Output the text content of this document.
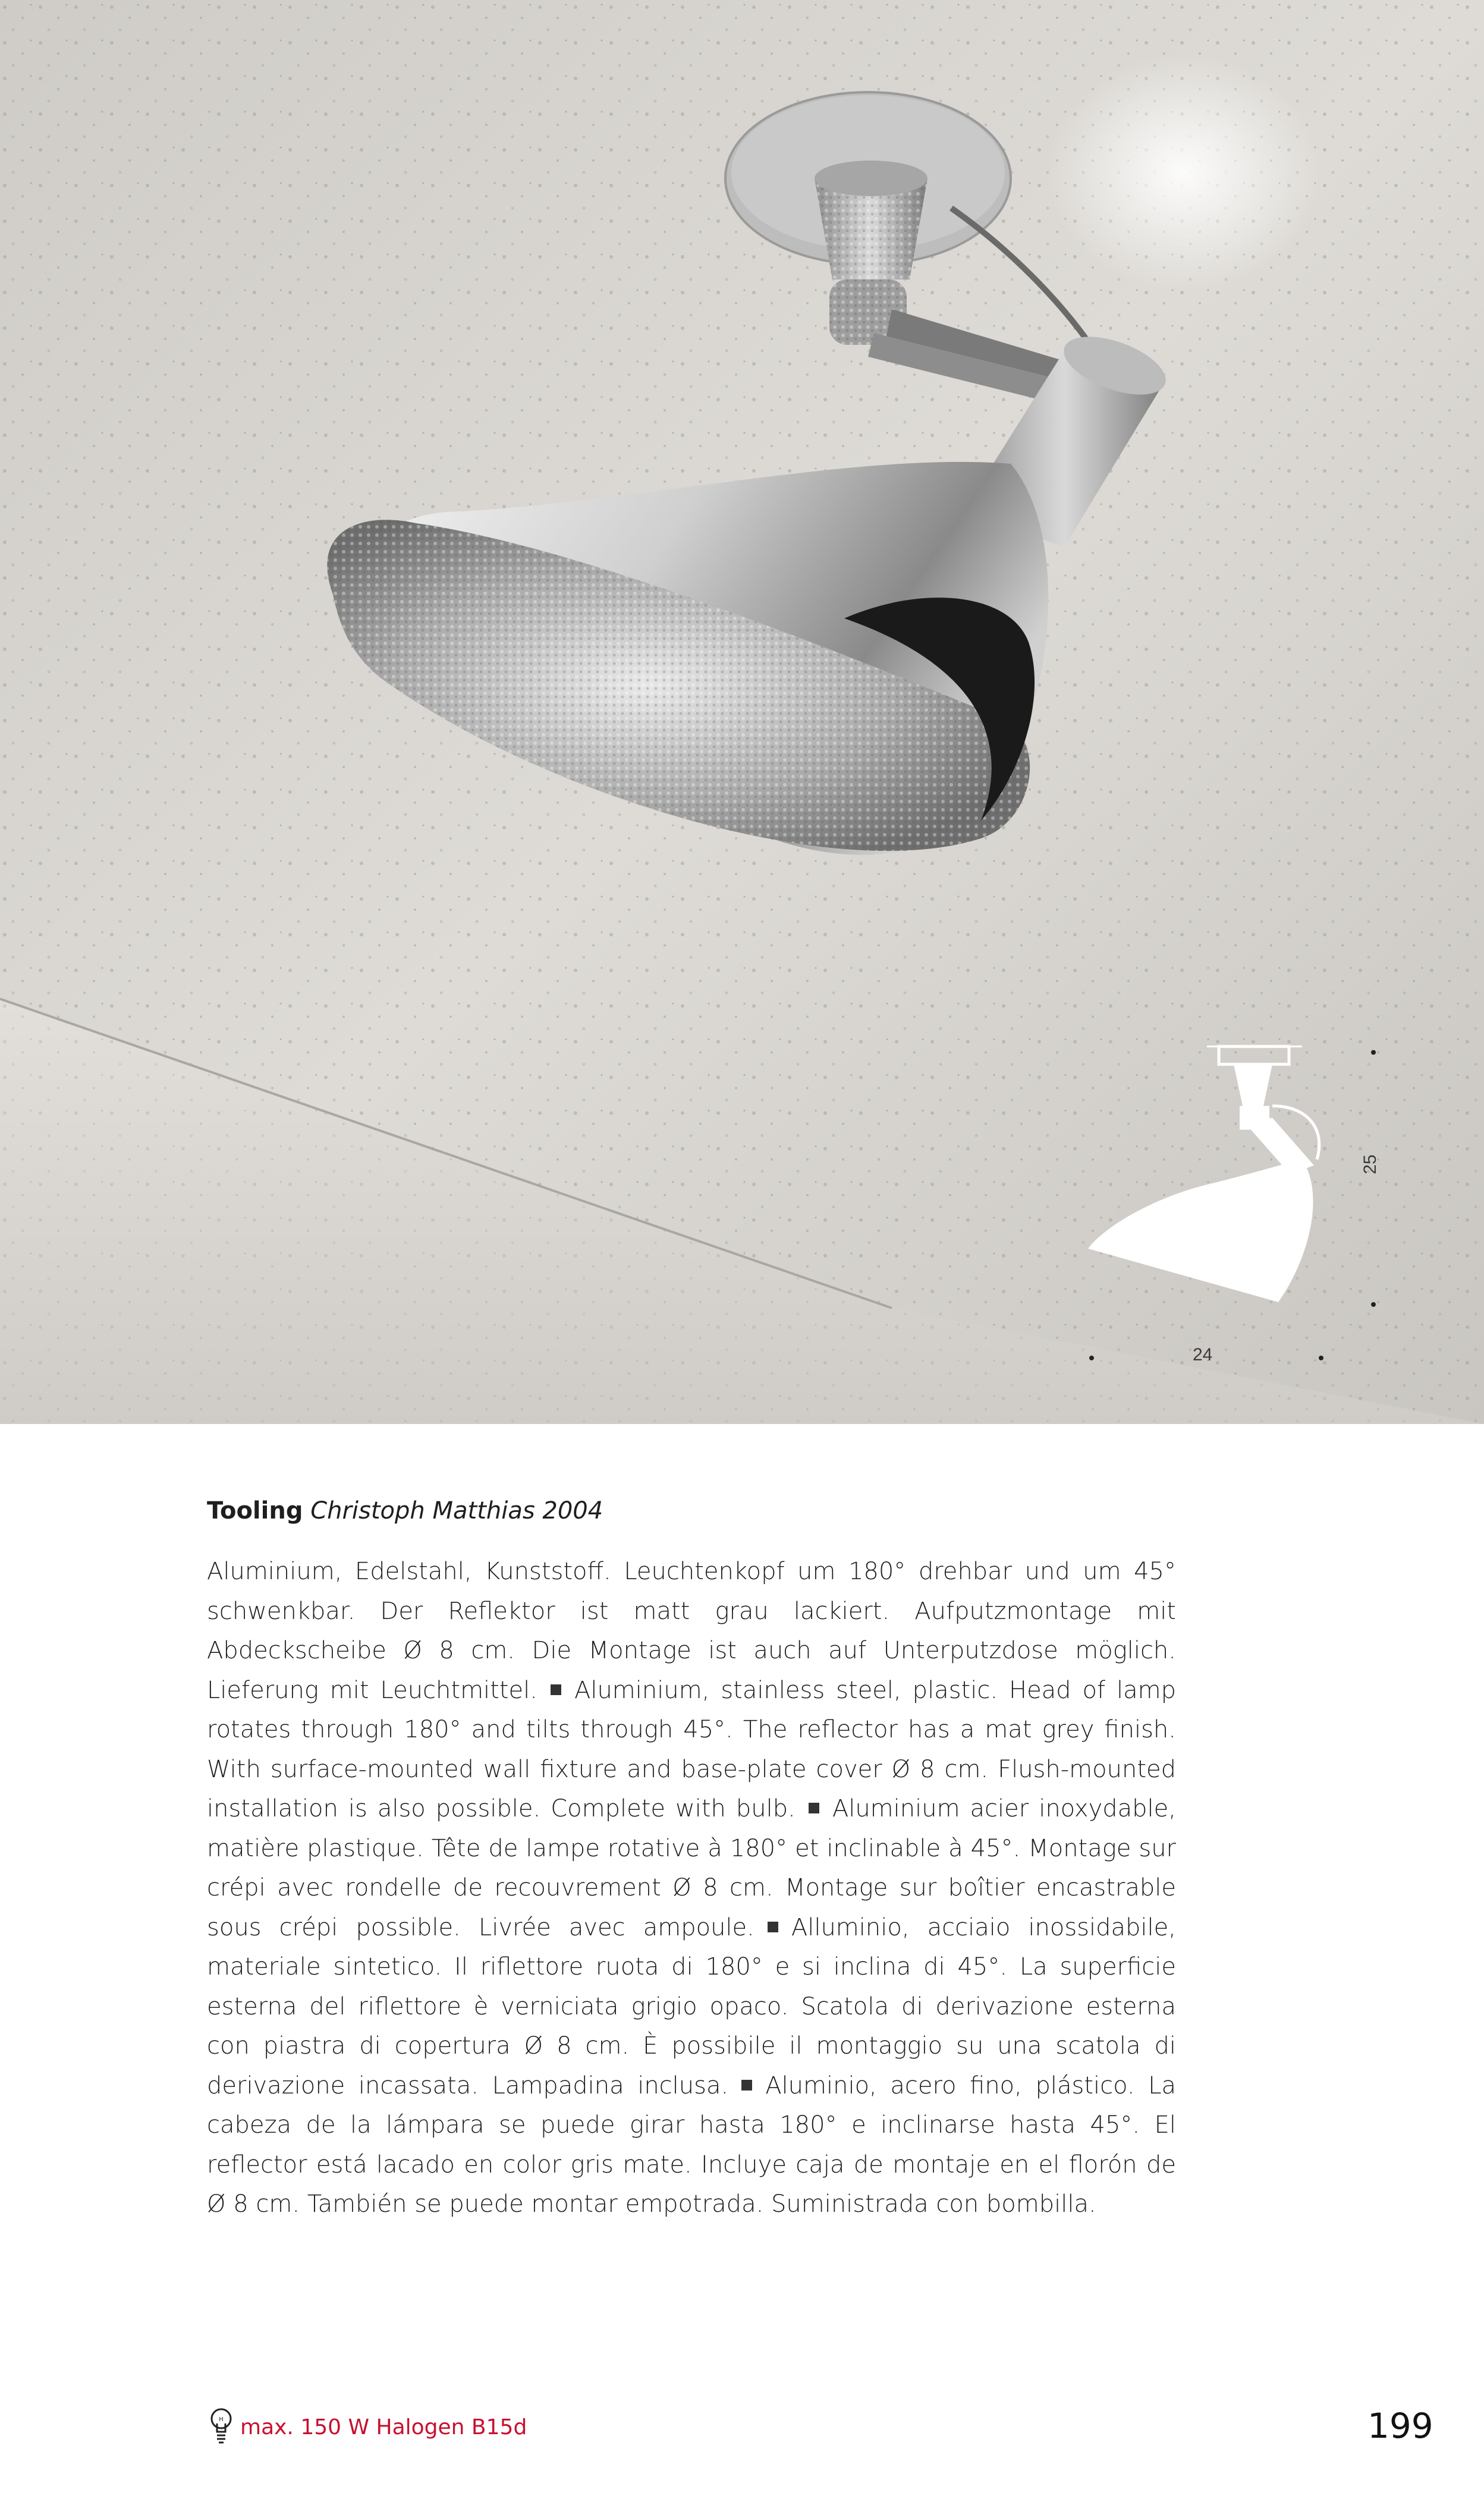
24
25
Tooling Christoph Matthias 2004
Aluminium, Edelstahl, Kunststoff. Leuchtenkopf um 180° drehbar und um 45° schwenkbar. Der Reflektor ist matt grau lackiert. Aufputzmontage mit Abdeckscheibe Ø 8 cm. Die Montage ist auch auf Unterputzdose möglich. Lieferung mit Leuchtmittel. Aluminium, stainless steel, plastic. Head of lamp rotates through 180° and tilts through 45°. The reflector has a mat grey finish. With surface-mounted wall fixture and base-plate cover Ø 8 cm. Flush-mounted installation is also possible. Complete with bulb. Aluminium acier inoxydable, matière plastique. Tête de lampe rotative à 180° et inclinable à 45°. Montage sur crépi avec rondelle de recouvrement Ø 8 cm. Montage sur boîtier encastrable sous crépi possible. Livrée avec ampoule. Alluminio, acciaio inossidabile, materiale sintetico. Il riflettore ruota di 180° e si inclina di 45°. La superficie esterna del riflettore è verniciata grigio opaco. Scatola di derivazione esterna con piastra di copertura Ø 8 cm. È possibile il montaggio su una scatola di derivazione incassata. Lampadina inclusa. Aluminio, acero fino, plástico. La cabeza de la lámpara se puede girar hasta 180° e inclinarse hasta 45°. El reflector está lacado en color gris mate. Incluye caja de montaje en el florón de Ø 8 cm. También se puede montar empotrada. Suministrada con bombilla.
H max. 150 W Halogen B15d	199
